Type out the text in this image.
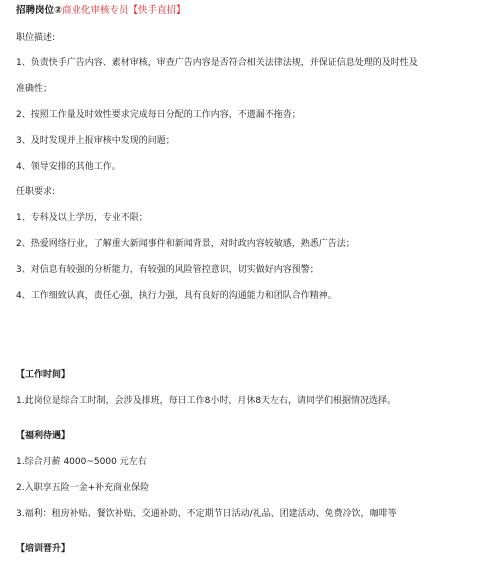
招聘岗位②商业化审核专员【快手直招】
职位描述:
1、负责快手广告内容、素材审核，审查广告内容是否符合相关法律法规，并保证信息处理的及时性及
准确性；
2、按照工作量及时效性要求完成每日分配的工作内容，不遗漏不拖沓；
3、及时发现并上报审核中发现的问题；
4、领导安排的其他工作。
任职要求:
1、专科及以上学历，专业不限；
2、热爱网络行业，了解重大新闻事件和新闻背景，对时政内容较敏感，熟悉广告法；
3、对信息有较强的分析能力，有较强的风险管控意识，切实做好内容预警；
4、工作细致认真，责任心强，执行力强，具有良好的沟通能力和团队合作精神。
【工作时间】
1.此岗位是综合工时制，会涉及排班，每日工作8小时，月休8天左右，请同学们根据情况选择。
【福利待遇】
1.综合月薪 4000~5000 元左右
2.入职享五险一金+补充商业保险
3.福利：租房补贴、餐饮补贴、交通补助、不定期节日活动/礼品、团建活动、免费冷饮，咖啡等
【培训晋升】
